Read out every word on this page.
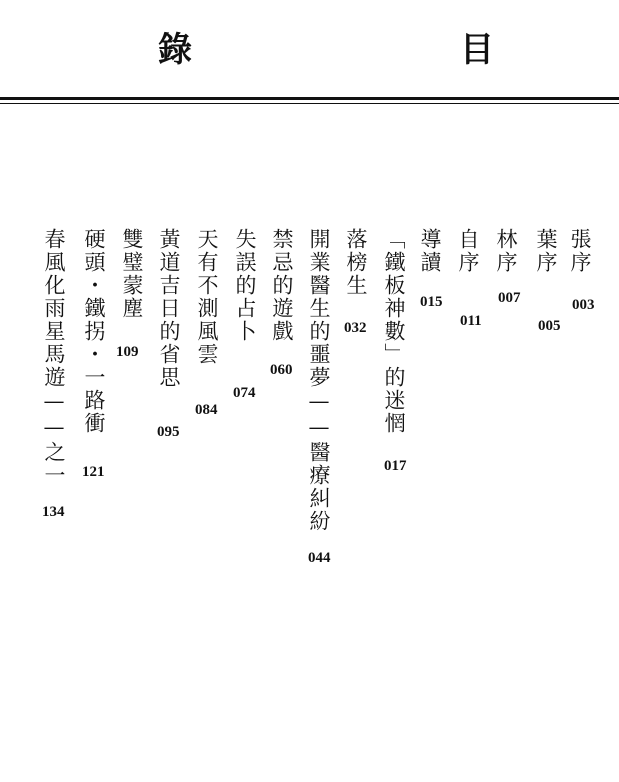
錄	目
張序
003
葉序
005
林序
007
自序
011
導讀
015
「鐵板神數」的迷惘
017
落榜生
032
開業醫生的噩夢——醫療糾紛
044
禁忌的遊戲
060
失誤的占卜
074
天有不測風雲
084
黃道吉日的省思
095
雙璧蒙塵
109
硬頭・鐵拐・一路衝
121
春風化雨星馬遊——之一
134
